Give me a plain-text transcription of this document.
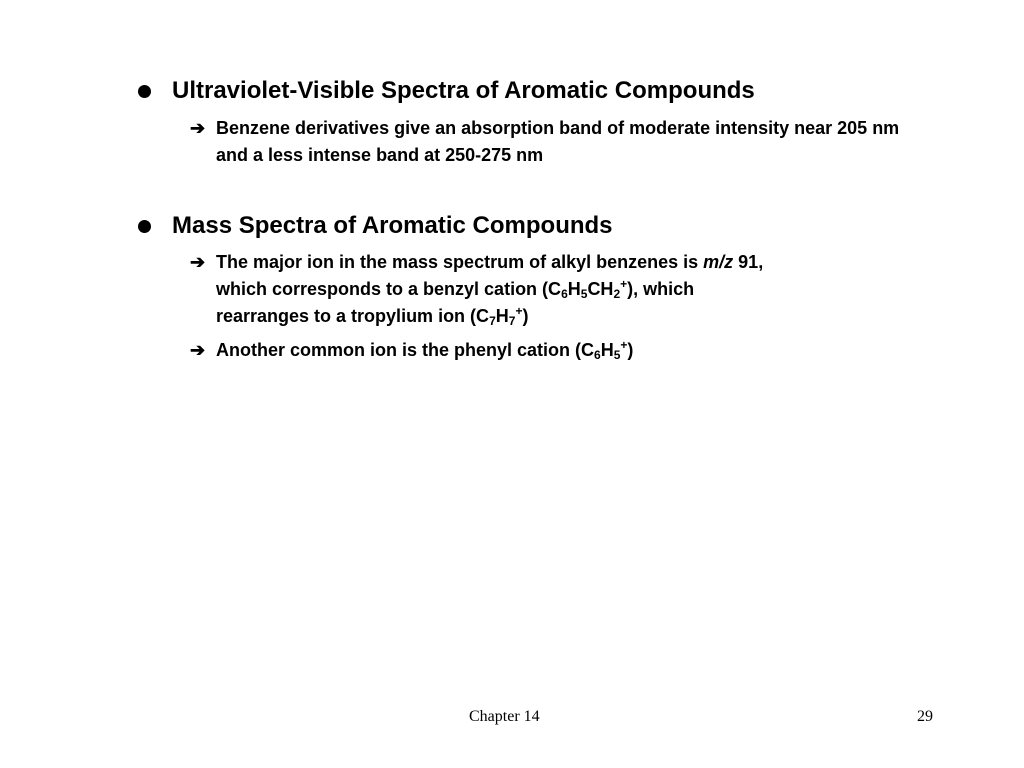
Ultraviolet-Visible Spectra of Aromatic Compounds
➔ Benzene derivatives give an absorption band of moderate intensity near 205 nm and a less intense band at 250-275 nm
Mass Spectra of Aromatic Compounds
➔ The major ion in the mass spectrum of alkyl benzenes is m/z 91,
which corresponds to a benzyl cation $(C_6H_5CH_2^+)$, which
rearranges to a tropylium ion $(C_7H_7^+)$
➔ Another common ion is the phenyl cation $(C_6H_5^+)$
Chapter 14	29
